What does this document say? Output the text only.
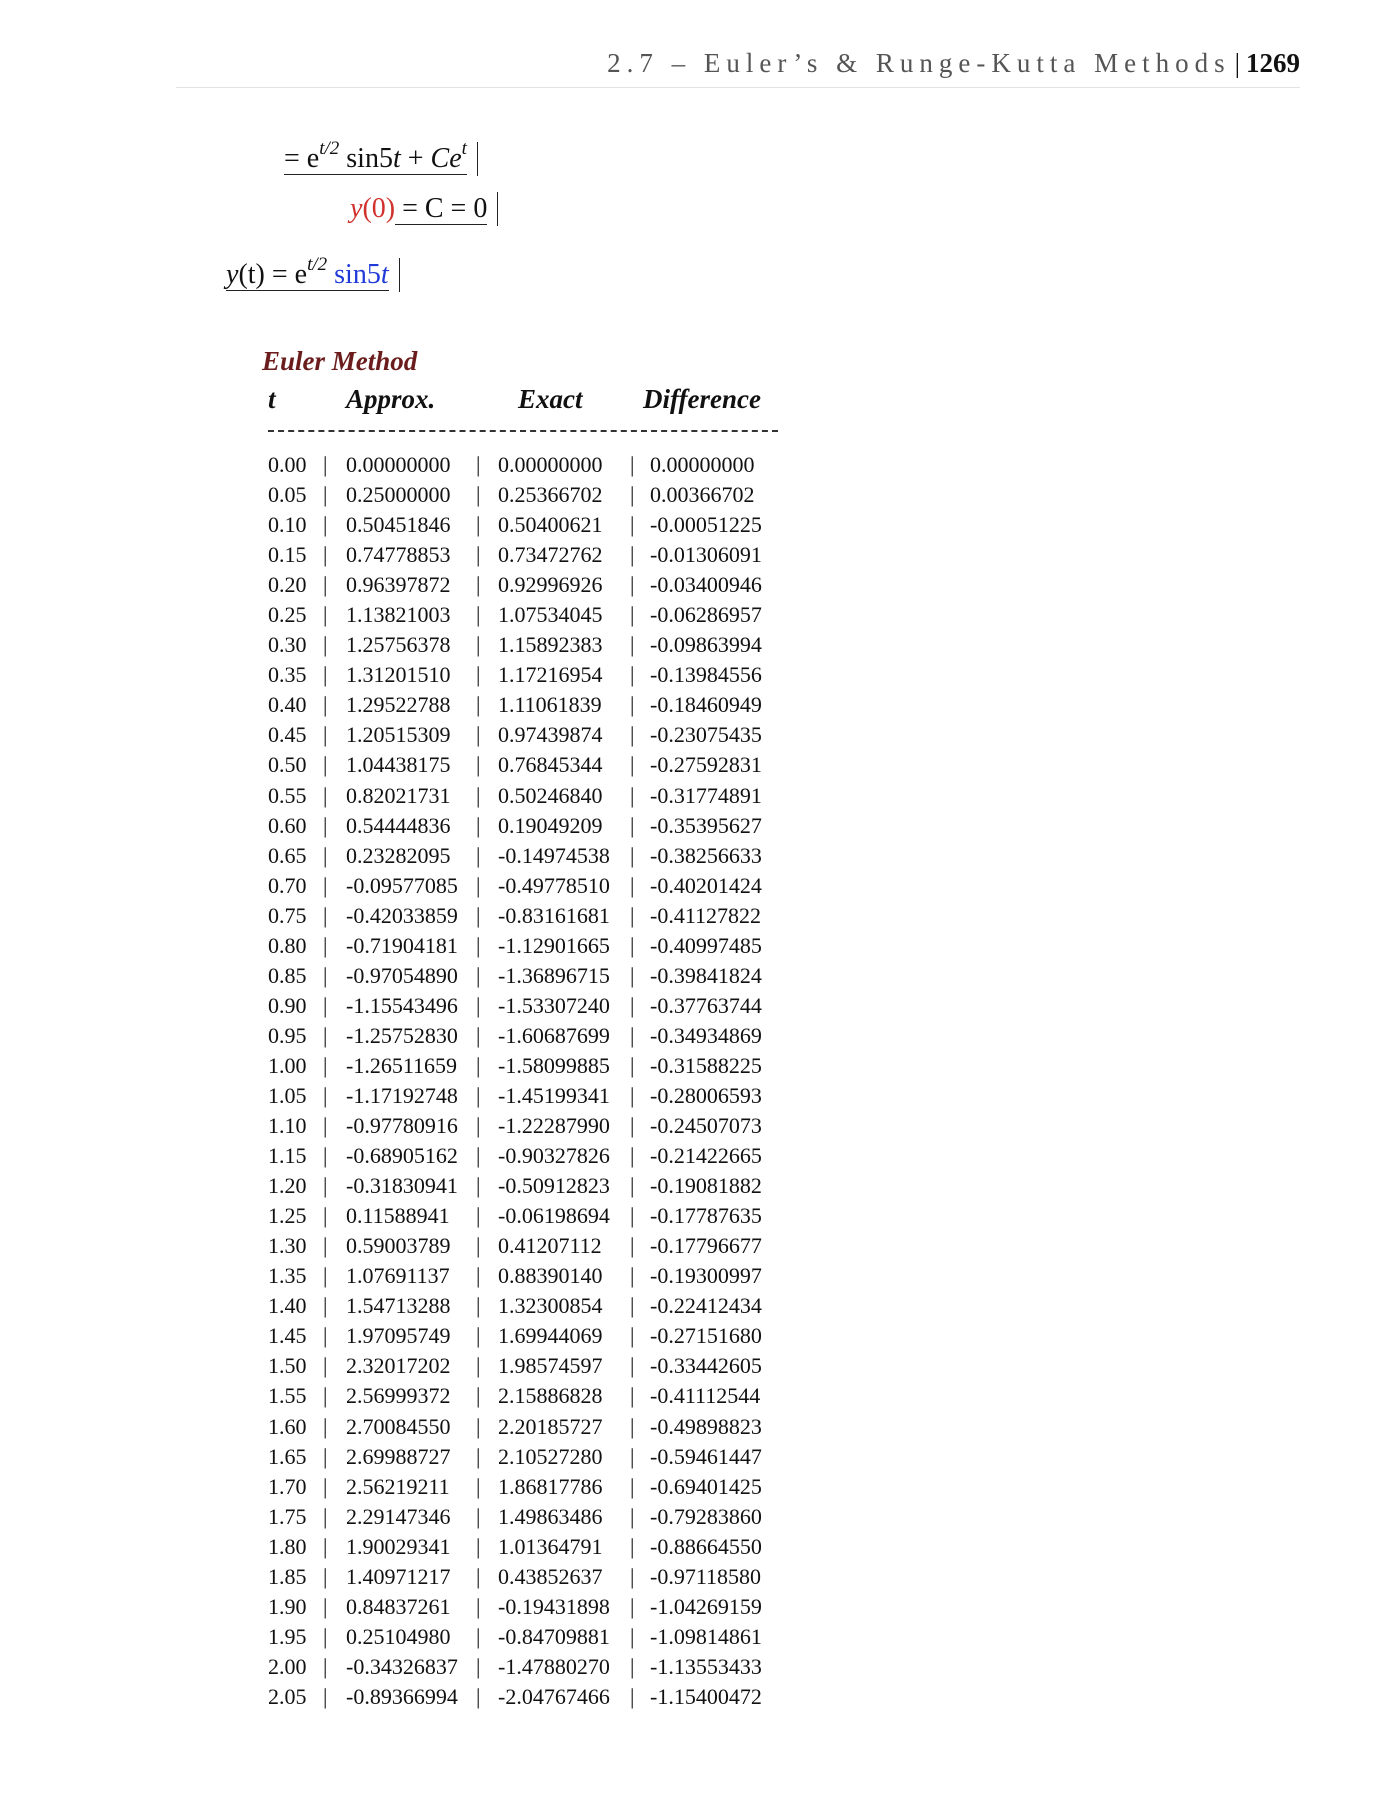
2.7 – Euler’s & Runge-Kutta Methods | 1269
= $e^{t/2}$ $\sin 5t + Ce^t$
y(0) = C = 0
$y(t) = e^{t/2}$ sin5t
Euler Method
t	Approx.	Exact Difference
0.00 | 0.00000000 | 0.00000000 | 0.00000000
0.05 | 0.25000000 | 0.25366702 | 0.00366702
0.10 | 0.50451846 | 0.50400621 | -0.00051225
0.15 | 0.74778853 | 0.73472762 | -0.01306091
0.20 | 0.96397872 | 0.92996926 | -0.03400946
0.25 | 1.13821003 | 1.07534045 | -0.06286957
0.30 | 1.25756378 | 1.15892383 | -0.09863994
0.35 | 1.31201510 | 1.17216954 | -0.13984556
0.40 | 1.29522788 | 1.11061839 | -0.18460949
0.45 | 1.20515309 | 0.97439874 | -0.23075435
0.50 | 1.04438175 | 0.76845344 | -0.27592831
0.55 | 0.82021731 | 0.50246840 | -0.31774891
0.60 | 0.54444836 | 0.19049209 | -0.35395627
0.65 | 0.23282095 | -0.14974538 | -0.38256633
0.70 | -0.09577085 | -0.49778510 | -0.40201424
0.75 | -0.42033859 | -0.83161681 | -0.41127822
0.80 | -0.71904181 | -1.12901665 | -0.40997485
0.85 | -0.97054890 | -1.36896715 | -0.39841824
0.90 | -1.15543496 | -1.53307240 | -0.37763744
0.95 | -1.25752830 | -1.60687699 | -0.34934869
1.00 | -1.26511659 | -1.58099885 | -0.31588225
1.05 | -1.17192748 | -1.45199341 | -0.28006593
1.10 | -0.97780916 | -1.22287990 | -0.24507073
1.15 | -0.68905162 | -0.90327826 | -0.21422665
1.20 | -0.31830941 | -0.50912823 | -0.19081882
1.25 | 0.11588941 | -0.06198694 | -0.17787635
1.30 | 0.59003789 | 0.41207112 | -0.17796677
1.35 | 1.07691137 | 0.88390140 | -0.19300997
1.40 | 1.54713288 | 1.32300854 | -0.22412434
1.45 | 1.97095749 | 1.69944069 | -0.27151680
1.50 | 2.32017202 | 1.98574597 | -0.33442605
1.55 | 2.56999372 | 2.15886828 | -0.41112544
1.60 | 2.70084550 | 2.20185727 | -0.49898823
1.65 | 2.69988727 | 2.10527280 | -0.59461447
1.70 | 2.56219211 | 1.86817786 | -0.69401425
1.75 | 2.29147346 | 1.49863486 | -0.79283860
1.80 | 1.90029341 | 1.01364791 | -0.88664550
1.85 | 1.40971217 | 0.43852637 | -0.97118580
1.90 | 0.84837261 | -0.19431898 | -1.04269159
1.95 | 0.25104980 | -0.84709881 | -1.09814861
2.00 | -0.34326837 | -1.47880270 | -1.13553433
2.05 | -0.89366994 | -2.04767466 | -1.15400472
